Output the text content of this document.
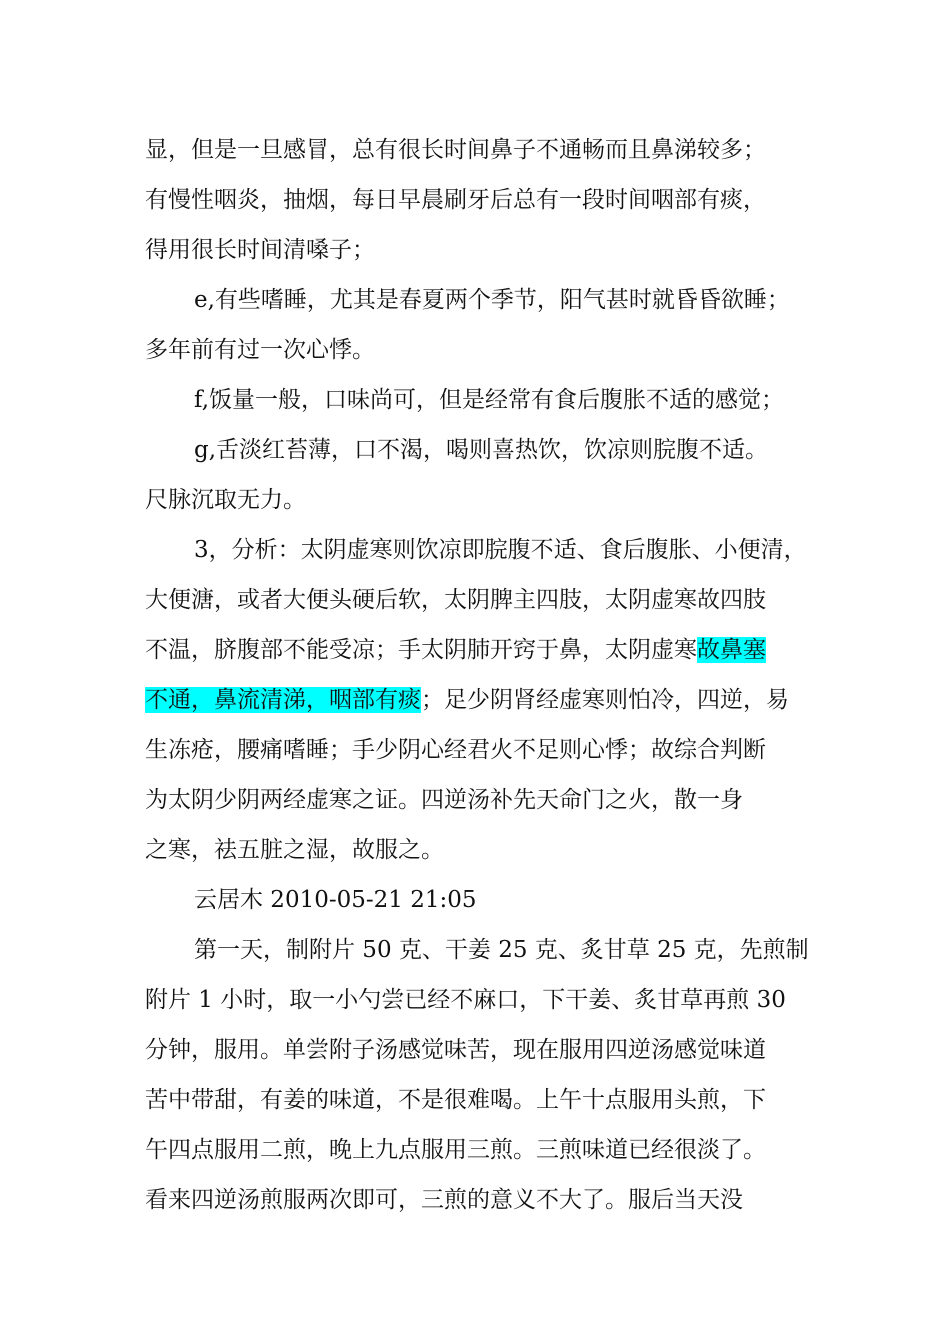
显，但是一旦感冒，总有很长时间鼻子不通畅而且鼻涕较多；
有慢性咽炎，抽烟，每日早晨刷牙后总有一段时间咽部有痰，
得用很长时间清嗓子；
e,有些嗜睡，尤其是春夏两个季节，阳气甚时就昏昏欲睡；
多年前有过一次心悸。
f,饭量一般，口味尚可，但是经常有食后腹胀不适的感觉；
g,舌淡红苔薄，口不渴，喝则喜热饮，饮凉则脘腹不适。
尺脉沉取无力。
3，分析：太阴虚寒则饮凉即脘腹不适、食后腹胀、小便清，
大便溏，或者大便头硬后软，太阴脾主四肢，太阴虚寒故四肢
不温，脐腹部不能受凉；手太阴肺开窍于鼻，太阴虚寒故鼻塞
不通，鼻流清涕，咽部有痰；足少阴肾经虚寒则怕冷，四逆，易
生冻疮，腰痛嗜睡；手少阴心经君火不足则心悸；故综合判断
为太阴少阴两经虚寒之证。四逆汤补先天命门之火，散一身
之寒，祛五脏之湿，故服之。
云居木 2010-05-21 21:05
第一天，制附片 50 克、干姜 25 克、炙甘草 25 克，先煎制
附片 1 小时，取一小勺尝已经不麻口，下干姜、炙甘草再煎 30
分钟，服用。单尝附子汤感觉味苦，现在服用四逆汤感觉味道
苦中带甜，有姜的味道，不是很难喝。上午十点服用头煎，下
午四点服用二煎，晚上九点服用三煎。三煎味道已经很淡了。
看来四逆汤煎服两次即可，三煎的意义不大了。服后当天没
